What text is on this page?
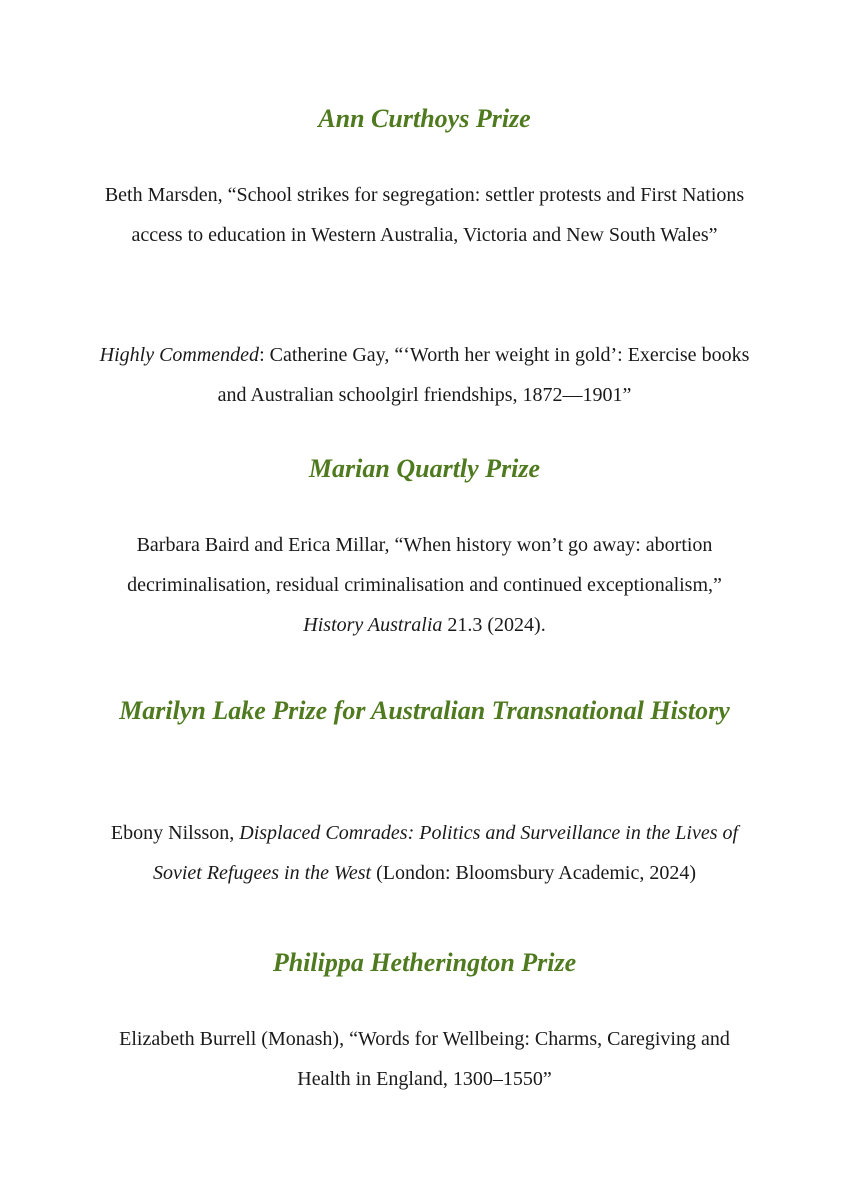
Ann Curthoys Prize

Beth Marsden, “School strikes for segregation: settler protests and First Nations access to education in Western Australia, Victoria and New South Wales”

Highly Commended: Catherine Gay, “‘Worth her weight in gold’: Exercise books and Australian schoolgirl friendships, 1872—1901”

Marian Quartly Prize

Barbara Baird and Erica Millar, “When history won’t go away: abortion decriminalisation, residual criminalisation and continued exceptionalism,” History Australia 21.3 (2024).

Marilyn Lake Prize for Australian Transnational History

Ebony Nilsson, Displaced Comrades: Politics and Surveillance in the Lives of Soviet Refugees in the West (London: Bloomsbury Academic, 2024)

Philippa Hetherington Prize

Elizabeth Burrell (Monash), “Words for Wellbeing: Charms, Caregiving and Health in England, 1300–1550”
